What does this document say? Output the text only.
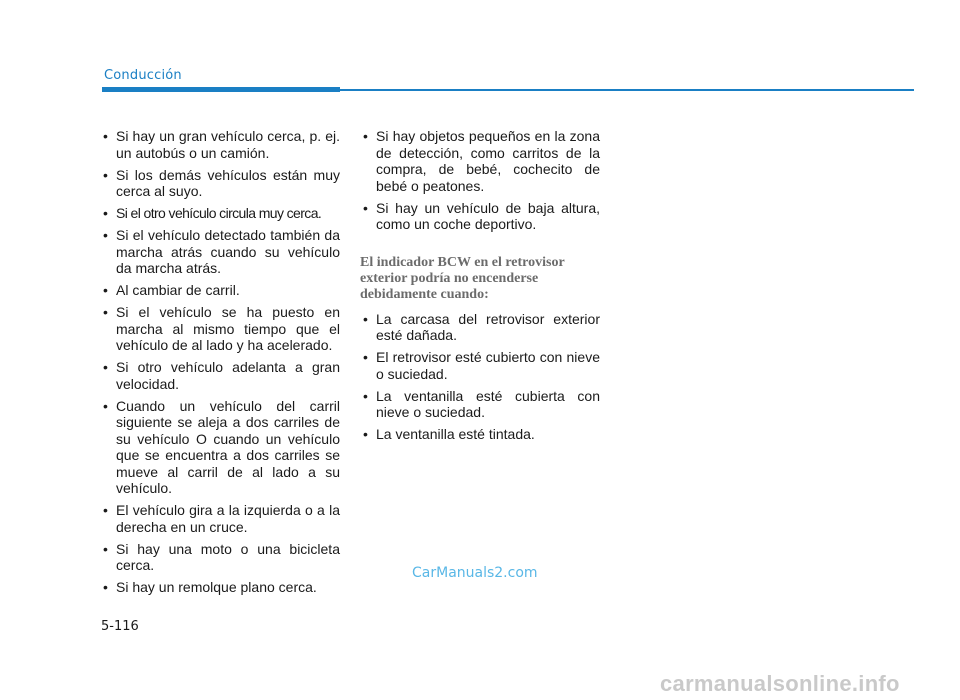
Conducción
• Si hay un gran vehículo cerca, p. ej. un autobús o un camión.
• Si los demás vehículos están muy cerca al suyo.
• Si el otro vehículo circula muy cerca.
• Si el vehículo detectado también da marcha atrás cuando su vehículo da marcha atrás.
• Al cambiar de carril.
• Si el vehículo se ha puesto en marcha al mismo tiempo que el vehículo de al lado y ha acelerado.
• Si otro vehículo adelanta a gran velocidad.
• Cuando un vehículo del carril siguiente se aleja a dos carriles de su vehículo O cuando un vehículo que se encuentra a dos carriles se mueve al carril de al lado a su vehículo.
• El vehículo gira a la izquierda o a la derecha en un cruce.
• Si hay una moto o una bicicleta cerca.
• Si hay un remolque plano cerca.
• Si hay objetos pequeños en la zona de detección, como carritos de la compra, de bebé, cochecito de bebé o peatones.
• Si hay un vehículo de baja altura, como un coche deportivo.
El indicador BCW en el retrovisor exterior podría no encenderse debidamente cuando:
• La carcasa del retrovisor exterior esté dañada.
• El retrovisor esté cubierto con nieve o suciedad.
• La ventanilla esté cubierta con nieve o suciedad.
• La ventanilla esté tintada.
CarManuals2.com
5-116
carmanualsonline.info
